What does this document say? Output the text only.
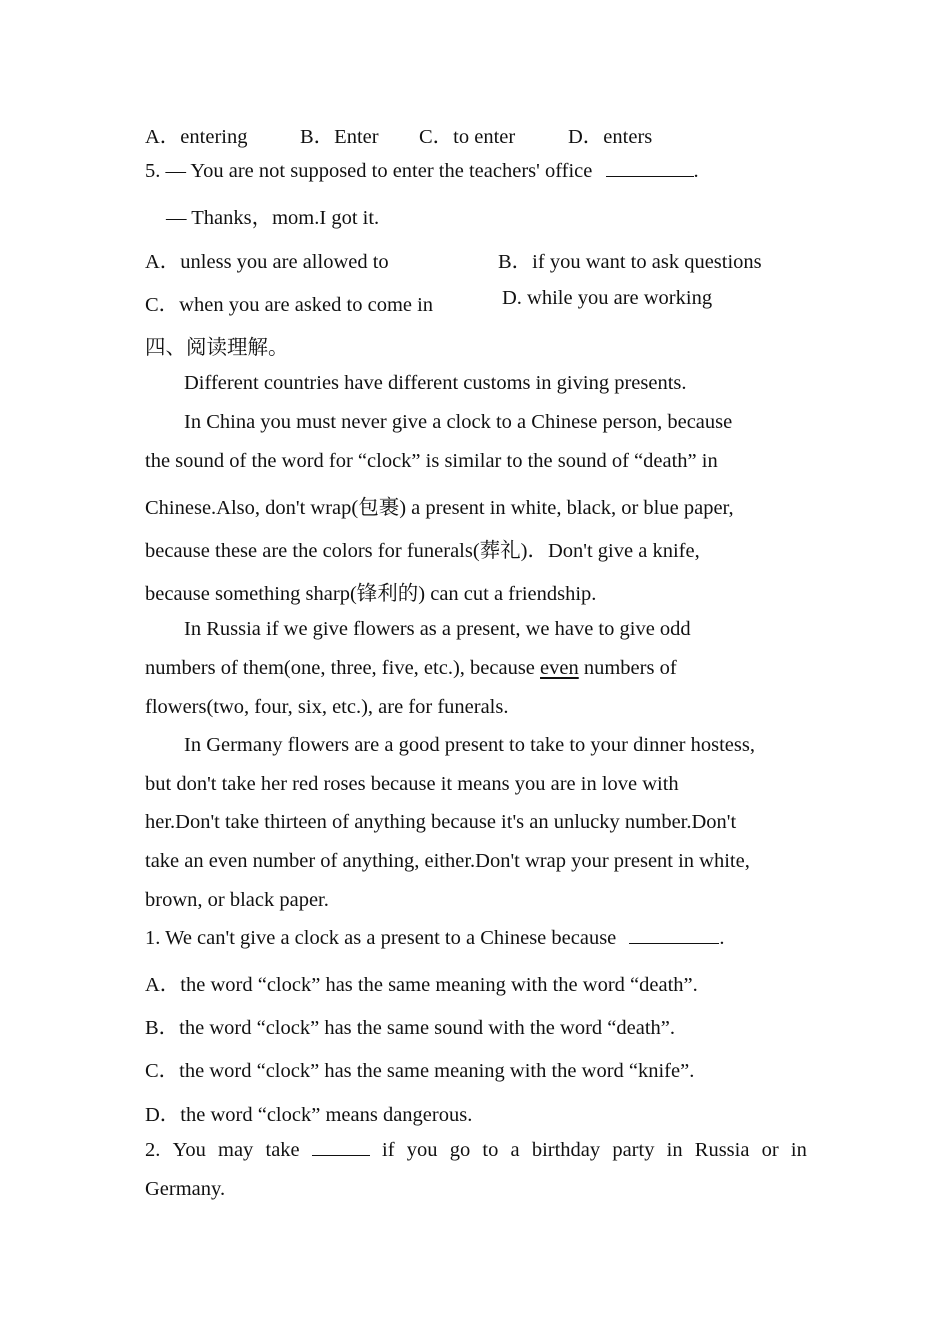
A．entering	B．Enter C．to enter	D．enters
5. — You are not supposed to enter the teachers' office	.
— Thanks，mom.I got it.
A．unless you are allowed to	B．if you want to ask questions
C．when you are asked to come in	D. while you are working
四、阅读理解。
Different countries have different customs in giving presents.
In China you must never give a clock to a Chinese person, because
the sound of the word for “clock” is similar to the sound of “death” in
Chinese.Also, don't wrap(包裹) a present in white, black, or blue paper,
because these are the colors for funerals(葬礼)．Don't give a knife,
because something sharp(锋利的) can cut a friendship.
In Russia if we give flowers as a present, we have to give odd
numbers of them(one, three, five, etc.), because even numbers of
flowers(two, four, six, etc.), are for funerals.
In Germany flowers are a good present to take to your dinner hostess,
but don't take her red roses because it means you are in love with
her.Don't take thirteen of anything because it's an unlucky number.Don't
take an even number of anything, either.Don't wrap your present in white,
brown, or black paper.
1. We can't give a clock as a present to a Chinese because	.
A．the word “clock” has the same meaning with the word “death”.
B．the word “clock” has the same sound with the word “death”.
C．the word “clock” has the same meaning with the word “knife”.
D．the word “clock” means dangerous.
2. You may take	if you go to a birthday party in Russia or in
Germany.
